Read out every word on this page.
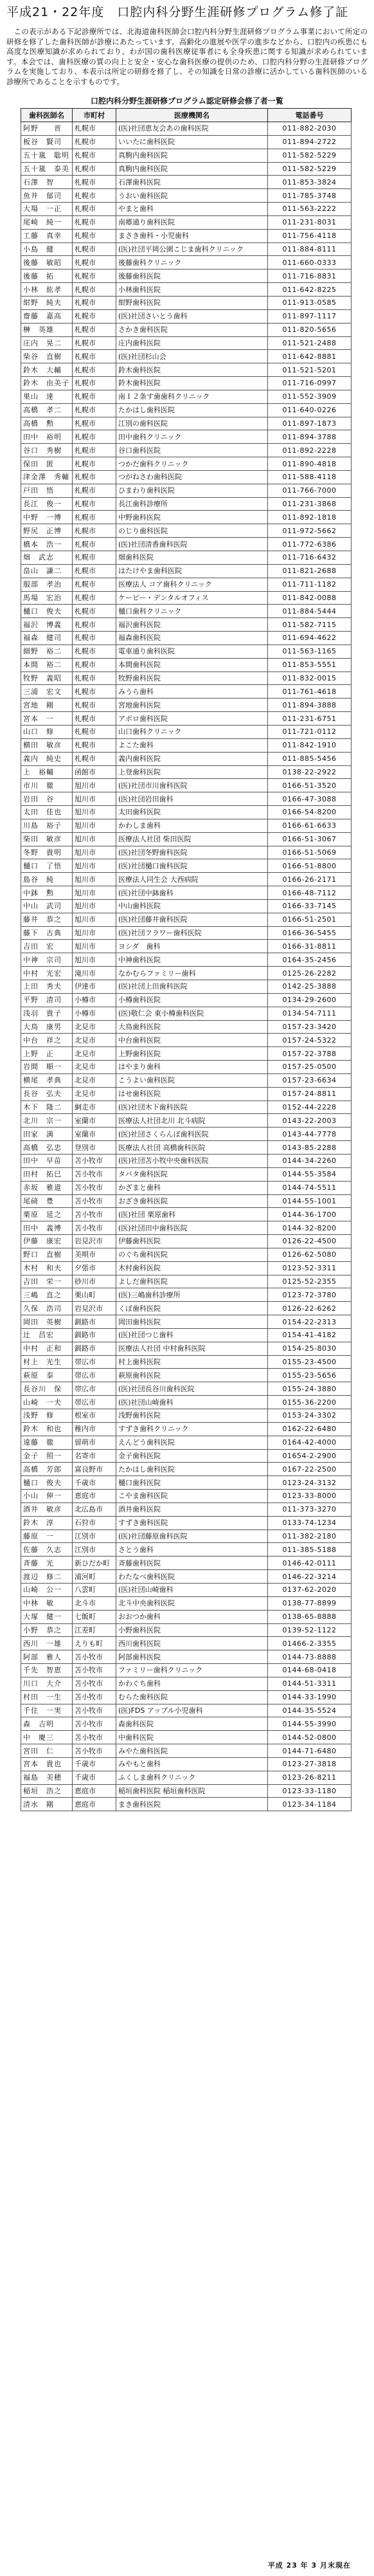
平成21・22年度　口腔内科分野生涯研修プログラム修了証

この表示がある下記診療所では、北海道歯科医師会口腔内科分野生涯研修プログラム事業において所定の研修を修了した歯科医師が診療にあたっています。高齢化の進展や医学の進歩などから、口腔内の疾患にも高度な医療知識が求められており、わが国の歯科医療従事者にも全身疾患に関する知識が求められています。本会では、歯科医療の質の向上と安全・安心な歯科医療の提供のため、口腔内科分野の生涯研修プログラムを実施しており、本表示は所定の研修を修了し、その知識を日常の診療に活かしている歯科医師のいる診療所であることを示すものです。

口腔内科分野生涯研修プログラム認定研修会修了者一覧
歯科医師名	市町村	医療機関名	電話番号
阿野　　晋	札幌市	(医)社団恵友会あの歯科医院	011-882-2030
板谷　賢司	札幌市	いいたに歯科医院	011-894-2722
五十嵐　聡明	札幌市	真駒内歯科医院	011-582-5229
五十嵐　泰美	札幌市	真駒内歯科医院	011-582-5229
石澤　智	札幌市	石澤歯科医院	011-853-3824
魚井　郁司	札幌市	うおい歯科医院	011-785-3748
大場　一正	札幌市	やまと歯科	011-563-2222
尾崎　純一	札幌市	南郷通り歯科医院	011-231-8031
工藤　真幸	札幌市	まさき歯科・小児歯科	011-756-4118
小島　健	札幌市	(医)社団平岡公園こじま歯科クリニック	011-884-8111
後藤　敏昭	札幌市	後藤歯科クリニック	011-660-0333
後藤　拓	札幌市	後藤歯科医院	011-716-8831
小林　紘孝	札幌市	小林歯科医院	011-642-8225
紺野　純夫	札幌市	紺野歯科医院	011-913-0585
齋藤　嘉高	札幌市	(医)社団さいとう歯科	011-897-1117
榊　英雄	札幌市	さかき歯科医院	011-820-5656
庄内　晃二	札幌市	庄内歯科医院	011-521-2488
柴谷　直樹	札幌市	(医)社団杉山会	011-642-8881
鈴木　大輔	札幌市	鈴木歯科医院	011-521-5201
鈴木　由美子	札幌市	鈴木歯科医院	011-716-0997
巣山　達	札幌市	南１２条す歯歯科クリニック	011-552-3909
高橋　孝二	札幌市	たかはし歯科医院	011-640-0226
高橋　勲	札幌市	江別の歯科医院	011-897-1873
田中　裕明	札幌市	田中歯科クリニック	011-894-3788
谷口　秀樹	札幌市	谷口歯科医院	011-892-2228
保田　匿	札幌市	つかだ歯科クリニック	011-890-4818
津金澤　秀輔	札幌市	つがねさわ歯科医院	011-588-4118
戸田　悟	札幌市	ひまわり歯科医院	011-766-7000
長江　俊一	札幌市	長江歯科診療所	011-231-3868
中野　一博	札幌市	中野歯科医院	011-892-1818
野尻　正博	札幌市	のじり歯科医院	011-972-5662
橋本　浩一	札幌市	(医)社団清香歯科医院	011-772-6386
畑　武志	札幌市	畑歯科医院	011-716-6432
畠山　謙二	札幌市	はたけやま歯科医院	011-821-2688
服部　孝治	札幌市	医療法人 コア歯科クリニック	011-711-1182
馬場　宏治	札幌市	ケーピー・デンタルオフィス	011-842-0088
樋口　俊夫	札幌市	樋口歯科クリニック	011-884-5444
福沢　博義	札幌市	福沢歯科医院	011-582-7115
福森　健司	札幌市	福森歯科医院	011-694-4622
細野　裕二	札幌市	電車通り歯科医院	011-563-1165
本間　裕二	札幌市	本間歯科医院	011-853-5551
牧野　義昭	札幌市	牧野歯科医院	011-832-0015
三浦　宏文	札幌市	みうら歯科	011-761-4618
宮地　剛	札幌市	宮地歯科医院	011-894-3888
宮本　一	札幌市	アポロ歯科医院	011-231-6751
山口　修	札幌市	山口歯科クリニック	011-721-0112
横田　敏彦	札幌市	よこた歯科	011-842-1910
義内　純史	札幌市	義内歯科医院	011-885-5456
上　裕輔	函館市	上登歯科医院	0138-22-2922
市川　徹	旭川市	(医)社団市川歯科医院	0166-51-3520
岩田　谷	旭川市	(医)社団岩田歯科	0166-47-3088
太田　佳也	旭川市	太田歯科医院	0166-54-8200
川島　裕子	旭川市	かわしま歯科	0166-61-6633
柴田　敏彦	旭川市	医療法人社団 柴田医院	0166-51-3067
冬野　貴明	旭川市	(医)社団冬野歯科医院	0166-51-5069
樋口　了悟	旭川市	(医)社団樋口歯科医院	0166-51-8800
島谷　純	旭川市	医療法人同生会 大西病院	0166-26-2171
中鉢　勲	旭川市	(医)社団中鉢歯科	0166-48-7112
中山　武司	旭川市	中山歯科医院	0166-33-7145
藤井　恭之	旭川市	(医)社団藤井歯科医院	0166-51-2501
藤下　古典	旭川市	(医)社団フラワー歯科医院	0166-36-5455
吉田　宏	旭川市	ヨシダ　歯科	0166-31-8811
中神　宗司	旭川市	中神歯科医院	0164-35-2456
中村　光宏	滝川市	なかむらファミリー歯科	0125-26-2282
上田　秀夫	伊達市	(医)社団上田歯科医院	0142-25-3888
平野　清司	小樽市	小樽歯科医院	0134-29-2600
浅羽　貴子	小樽市	(医)敬仁会 東小樽歯科医院	0134-54-7111
大鳥　康男	北見市	大鳥歯科医院	0157-23-3420
中台　祥之	北見市	中台歯科医院	0157-24-5322
上野　正	北見市	上野歯科医院	0157-22-3788
岩間　順一	北見市	はやまり歯科	0157-25-0500
横尾　孝典	北見市	こうよい歯科医院	0157-23-6634
長谷　弘夫	北見市	はせ歯科医院	0157-24-8811
木下　隆二	網走市	(医)社団木下歯科医院	0152-44-2228
北川　宗一	室蘭市	医療法人社団北川 北斗病院	0143-22-2003
田家　満	室蘭市	(医)社団さくらんぼ歯科医院	0143-44-7778
高橋　弘忠	登別市	医療法人社団 高橋歯科医院	0143-85-2288
田中　早苗	苫小牧市	(医)社団苫小牧中央歯科医院	0144-34-2260
田村　拓巳	苫小牧市	タバタ歯科医院	0144-55-3584
赤坂　雅道	苫小牧市	かざまと歯科	0144-74-5511
尾碕　豊	苫小牧市	おざき歯科医院	0144-55-1001
栗原　延之	苫小牧市	(医)社団 栗原歯科	0144-36-1700
田中　義博	苫小牧市	(医)社団田中歯科医院	0144-32-8200
伊藤　康宏	岩見沢市	伊藤歯科医院	0126-22-4500
野口　直樹	美唄市	のぐち歯科医院	0126-62-5080
木村　和夫	夕張市	木村歯科医院	0123-52-3311
吉田　栄一	砂川市	よしだ歯科医院	0125-52-2355
三嶋　直之	栗山町	(医)三嶋歯科診療所	0123-72-3780
久保　浩司	岩見沢市	くぼ歯科医院	0126-22-6262
岡田　英樹	釧路市	岡田歯科医院	0154-22-2313
辻　昌宏	釧路市	(医)社団つじ歯科	0154-41-4182
中村　正和	釧路市	医療法人社団 中村歯科医院	0154-25-8030
村上　光生	帯広市	村上歯科医院	0155-23-4500
萩原　泰	帯広市	萩原歯科医院	0155-23-5656
長谷川　保	帯広市	(医)社団長谷川歯科医院	0155-24-3880
山崎　一夫	帯広市	(医)社団山崎歯科	0155-36-2200
浅野　修	根室市	浅野歯科医院	0153-24-3302
鈴木　和也	稚内市	すずき歯科クリニック	0162-22-6480
遠藤　徹	留萌市	えんどう歯科医院	0164-42-4000
金子　照一	名寄市	金子歯科医院	01654-2-2900
高橋　芳郎	富良野市	たかはし歯科医院	0167-22-2500
樋口　俊夫	千歳市	樋口歯科医院	0123-24-3132
小山　伸一	恵庭市	こやま歯科医院	0123-33-8000
酒井　敏彦	北広島市	酒井歯科医院	011-373-3270
鈴木　淳	石狩市	すずき歯科医院	0133-74-1234
藤原　一	江別市	(医)社団藤原歯科医院	011-382-2180
佐藤　久志	江別市	さとう歯科	011-385-5188
斉藤　光	新ひだか町	斉藤歯科医院	0146-42-0111
渡辺　修二	浦河町	わたなべ歯科医院	0146-22-3214
山崎　公一	八雲町	(医)社団山崎歯科	0137-62-2020
中林　敏	北斗市	北斗中央歯科医院	0138-77-8899
大塚　健一	七飯町	おおつか歯科	0138-65-8888
小野　恭之	江差町	小野歯科医院	0139-52-1122
西川　一雄	えりも町	西川歯科医院	01466-2-3355
阿部　雅人	苫小牧市	阿部歯科医院	0144-73-8888
千先　智恵	苫小牧市	ファミリー歯科クリニック	0144-68-0418
川口　大介	苫小牧市	かわぐち歯科	0144-51-3311
村田　一生	苫小牧市	むらた歯科医院	0144-33-1990
千住　一実	苫小牧市	(医)FDS アップル小児歯科	0144-35-5524
森　吉明	苫小牧市	森歯科医院	0144-55-3990
中　慶三	苫小牧市	中歯科医院	0144-52-0800
宮田　仁	苫小牧市	みやた歯科医院	0144-71-6480
宮本　貴也	千歳市	みやもと歯科	0123-27-3818
福島　美穂	千歳市	ふくしま歯科クリニック	0123-26-8211
稲垣　浩之	恵庭市	稲垣歯科医院 稲垣歯科医院	0123-33-1180
清水　剛	恵庭市	まき歯科医院	0123-34-1184
平成 23 年 3 月末現在
